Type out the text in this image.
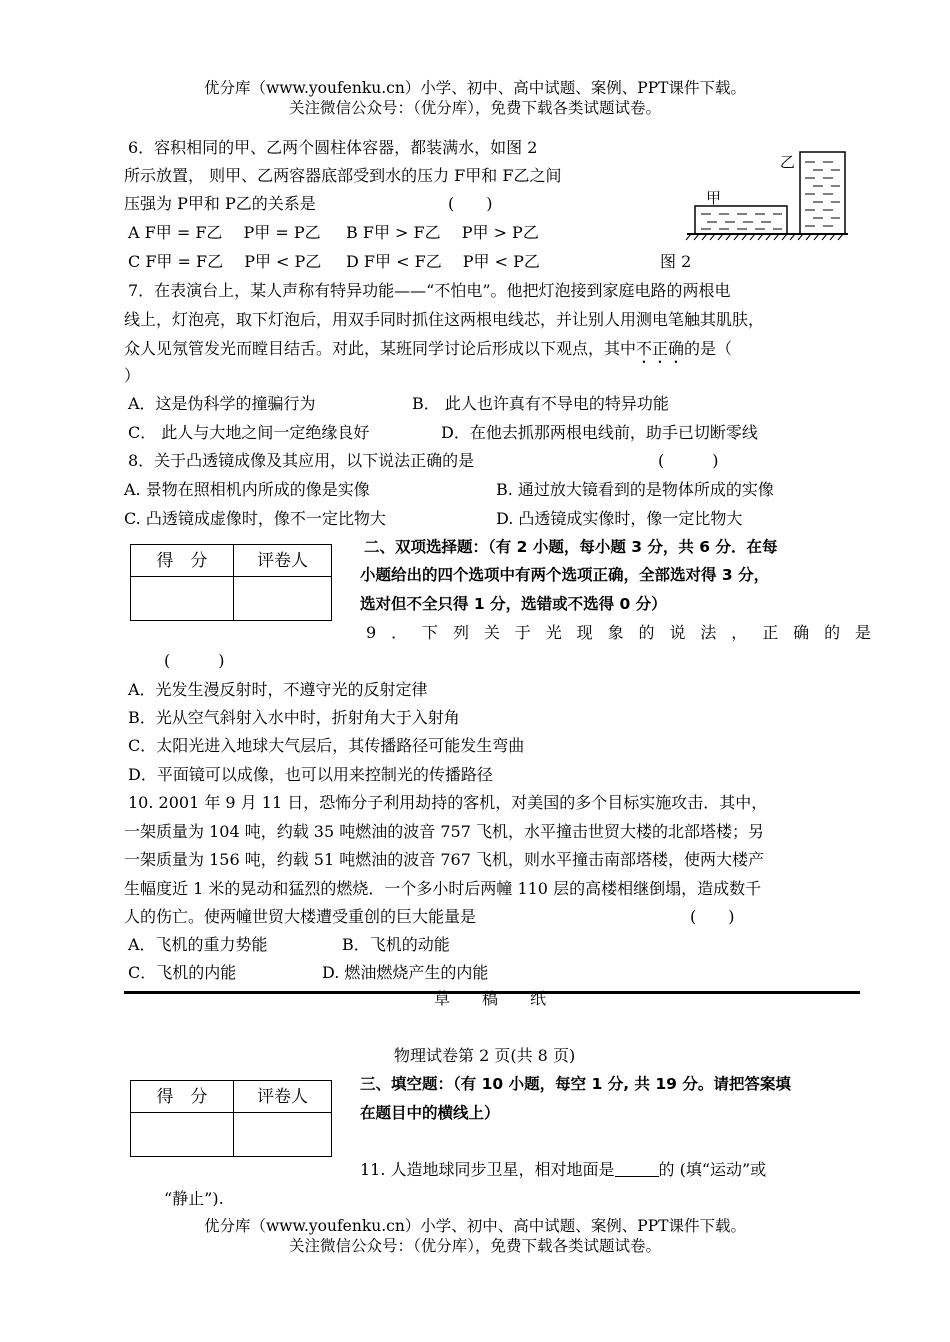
优分库（www.youfenku.cn）小学、初中、高中试题、案例、PPT课件下载。
关注微信公众号：（优分库），免费下载各类试题试卷。
6．容积相同的甲、乙两个圆柱体容器，都装满水，如图 2
所示放置， 则甲、乙两容器底部受到水的压力 F甲和 F乙之间
压强为 P甲和 P乙的关系是	(　　)
A F甲 = F乙　 P甲 = P乙 B F甲 > F乙　 P甲 > P乙
C F甲 = F乙　 P甲 < P乙 D F甲 < F乙　 P甲 < P乙
甲
乙
图 2
7．在表演台上，某人声称有特异功能——“不怕电”。他把灯泡接到家庭电路的两根电
线上，灯泡亮，取下灯泡后，用双手同时抓住这两根电线芯，并让别人用测电笔触其肌肤，
众人见氖管发光而瞠目结舌。对此，某班同学讨论后形成以下观点，其中不正确的是（
）
A．这是伪科学的撞骗行为	B． 此人也许真有不导电的特异功能
C． 此人与大地之间一定绝缘良好	D．在他去抓那两根电线前，助手已切断零线
8．关于凸透镜成像及其应用，以下说法正确的是	(　　　)
A. 景物在照相机内所成的像是实像	B. 通过放大镜看到的是物体所成的实像
C. 凸透镜成虚像时，像不一定比物大	D. 凸透镜成实像时，像一定比物大
得　分	评卷人

二、双项选择题：（有 2 小题，每小题 3 分，共 6 分．在每
小题给出的四个选项中有两个选项正确，全部选对得 3 分，
选对但不全只得 1 分，选错或不选得 0 分）
9．下列关于光现象的说法，正确的是
(　　　)
A．光发生漫反射时，不遵守光的反射定律
B．光从空气斜射入水中时，折射角大于入射角
C．太阳光进入地球大气层后，其传播路径可能发生弯曲
D．平面镜可以成像，也可以用来控制光的传播路径
10. 2001 年 9 月 11 日，恐怖分子利用劫持的客机，对美国的多个目标实施攻击．其中，
一架质量为 104 吨，约载 35 吨燃油的波音 757 飞机，水平撞击世贸大楼的北部塔楼；另
一架质量为 156 吨，约载 51 吨燃油的波音 767 飞机，则水平撞击南部塔楼，使两大楼产
生幅度近 1 米的晃动和猛烈的燃烧．一个多小时后两幢 110 层的高楼相继倒塌，造成数千
人的伤亡。使两幢世贸大楼遭受重创的巨大能量是	(　　)
A．飞机的重力势能	B．飞机的动能
C．飞机的内能	D. 燃油燃烧产生的内能
草　　稿　　纸
物理试卷第 2 页(共 8 页)
得　分	评卷人

三、填空题：（有 10 小题，每空 1 分, 共 19 分。请把答案填
在题目中的横线上）
11. 人造地球同步卫星，相对地面是	的 (填“运动”或
“静止”).
优分库（www.youfenku.cn）小学、初中、高中试题、案例、PPT课件下载。
关注微信公众号：（优分库），免费下载各类试题试卷。
